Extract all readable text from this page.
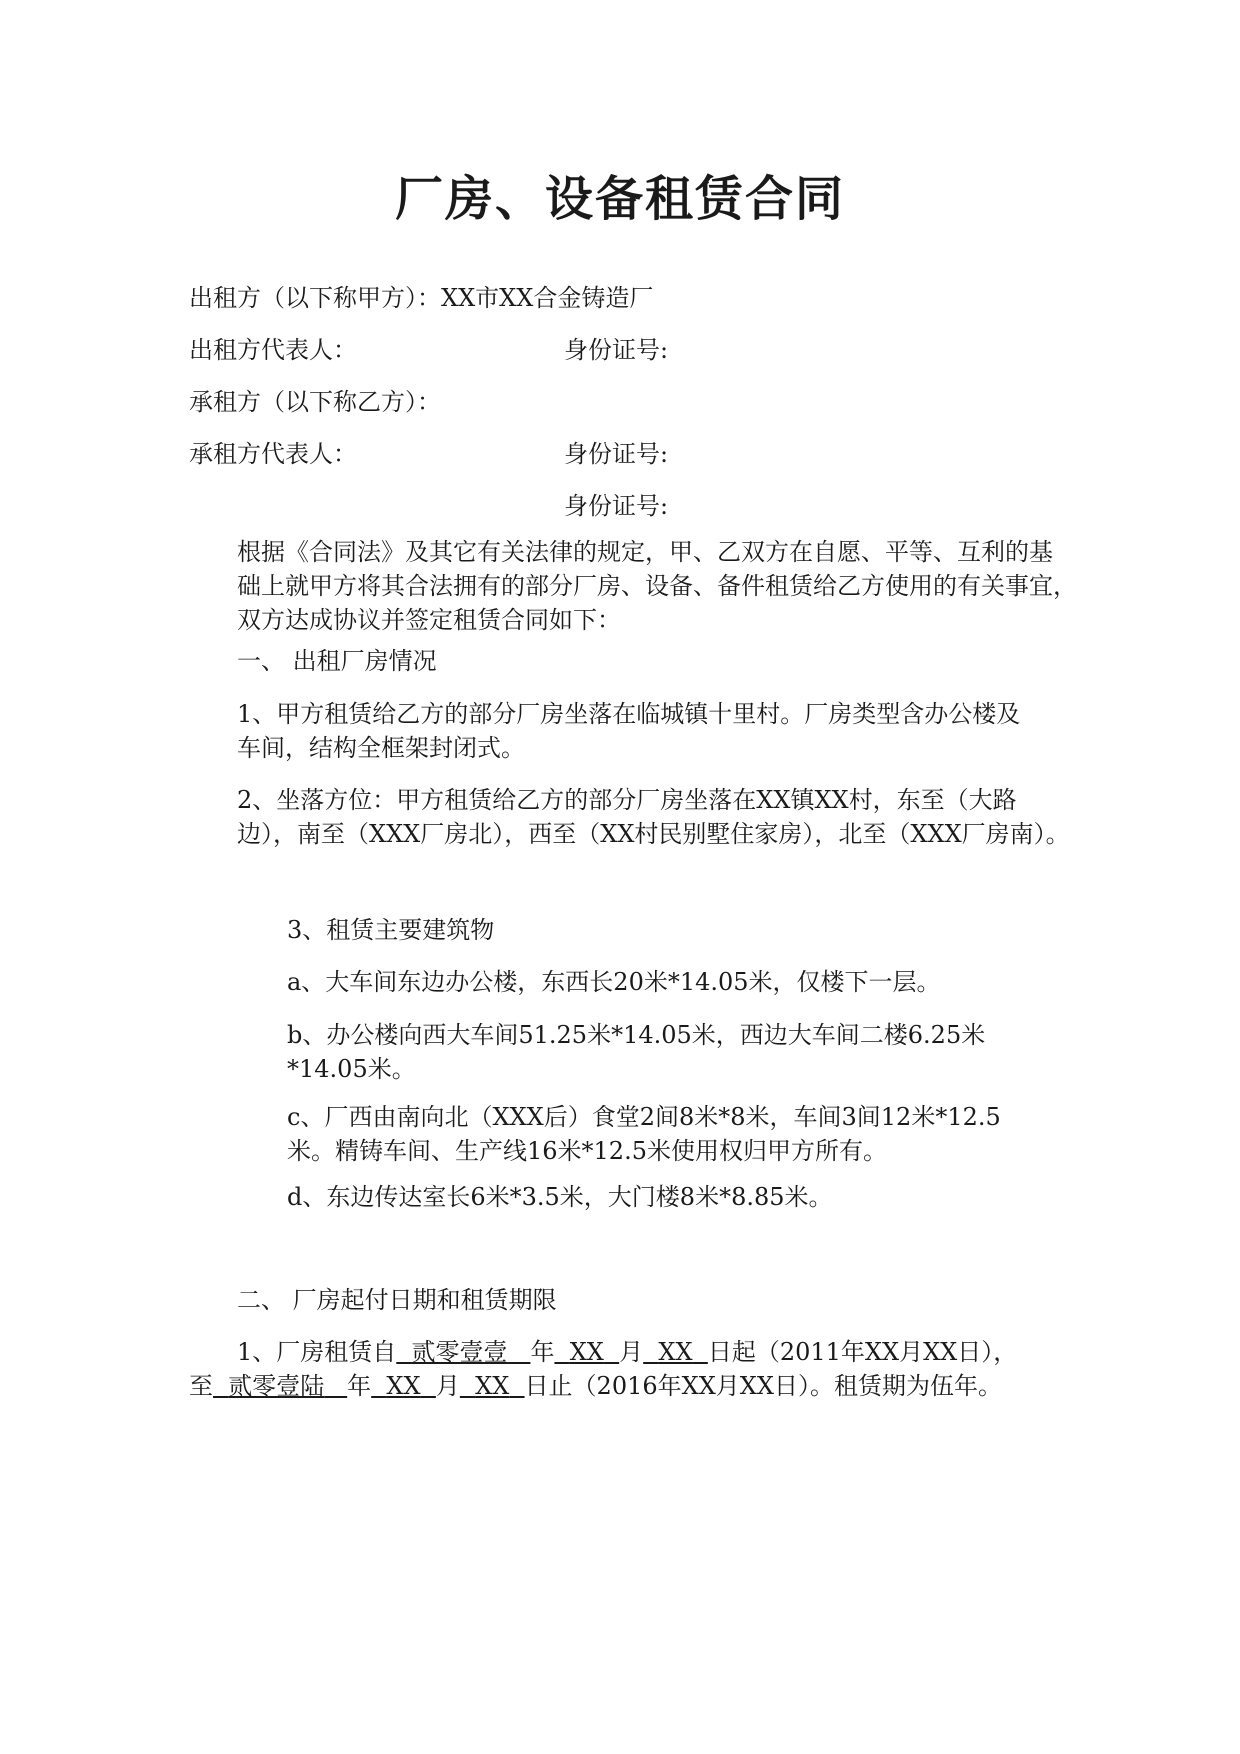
厂房、设备租赁合同
出租方（以下称甲方）：XX市XX合金铸造厂
出租方代表人：	身份证号:
承租方（以下称乙方）：
承租方代表人：	身份证号:
身份证号:
根据《合同法》及其它有关法律的规定，甲、乙双方在自愿、平等、互利的基
础上就甲方将其合法拥有的部分厂房、设备、备件租赁给乙方使用的有关事宜，
双方达成协议并签定租赁合同如下：
一、 出租厂房情况
1、甲方租赁给乙方的部分厂房坐落在临城镇十里村。厂房类型含办公楼及
车间，结构全框架封闭式。
2、坐落方位：甲方租赁给乙方的部分厂房坐落在XX镇XX村，东至（大路
边），南至（XXX厂房北），西至（XX村民别墅住家房），北至（XXX厂房南）。
3、租赁主要建筑物
a、大车间东边办公楼，东西长20米*14.05米，仅楼下一层。
b、办公楼向西大车间51.25米*14.05米，西边大车间二楼6.25米
*14.05米。
c、厂西由南向北（XXX后）食堂2间8米*8米，车间3间12米*12.5
米。精铸车间、生产线16米*12.5米使用权归甲方所有。
d、东边传达室长6米*3.5米，大门楼8米*8.85米。
二、 厂房起付日期和租赁期限
1、厂房租赁自 贰零壹壹 年 XX 月 XX 日起（2011年XX月XX日），
至 贰零壹陆 年 XX 月 XX 日止（2016年XX月XX日）。租赁期为伍年。
